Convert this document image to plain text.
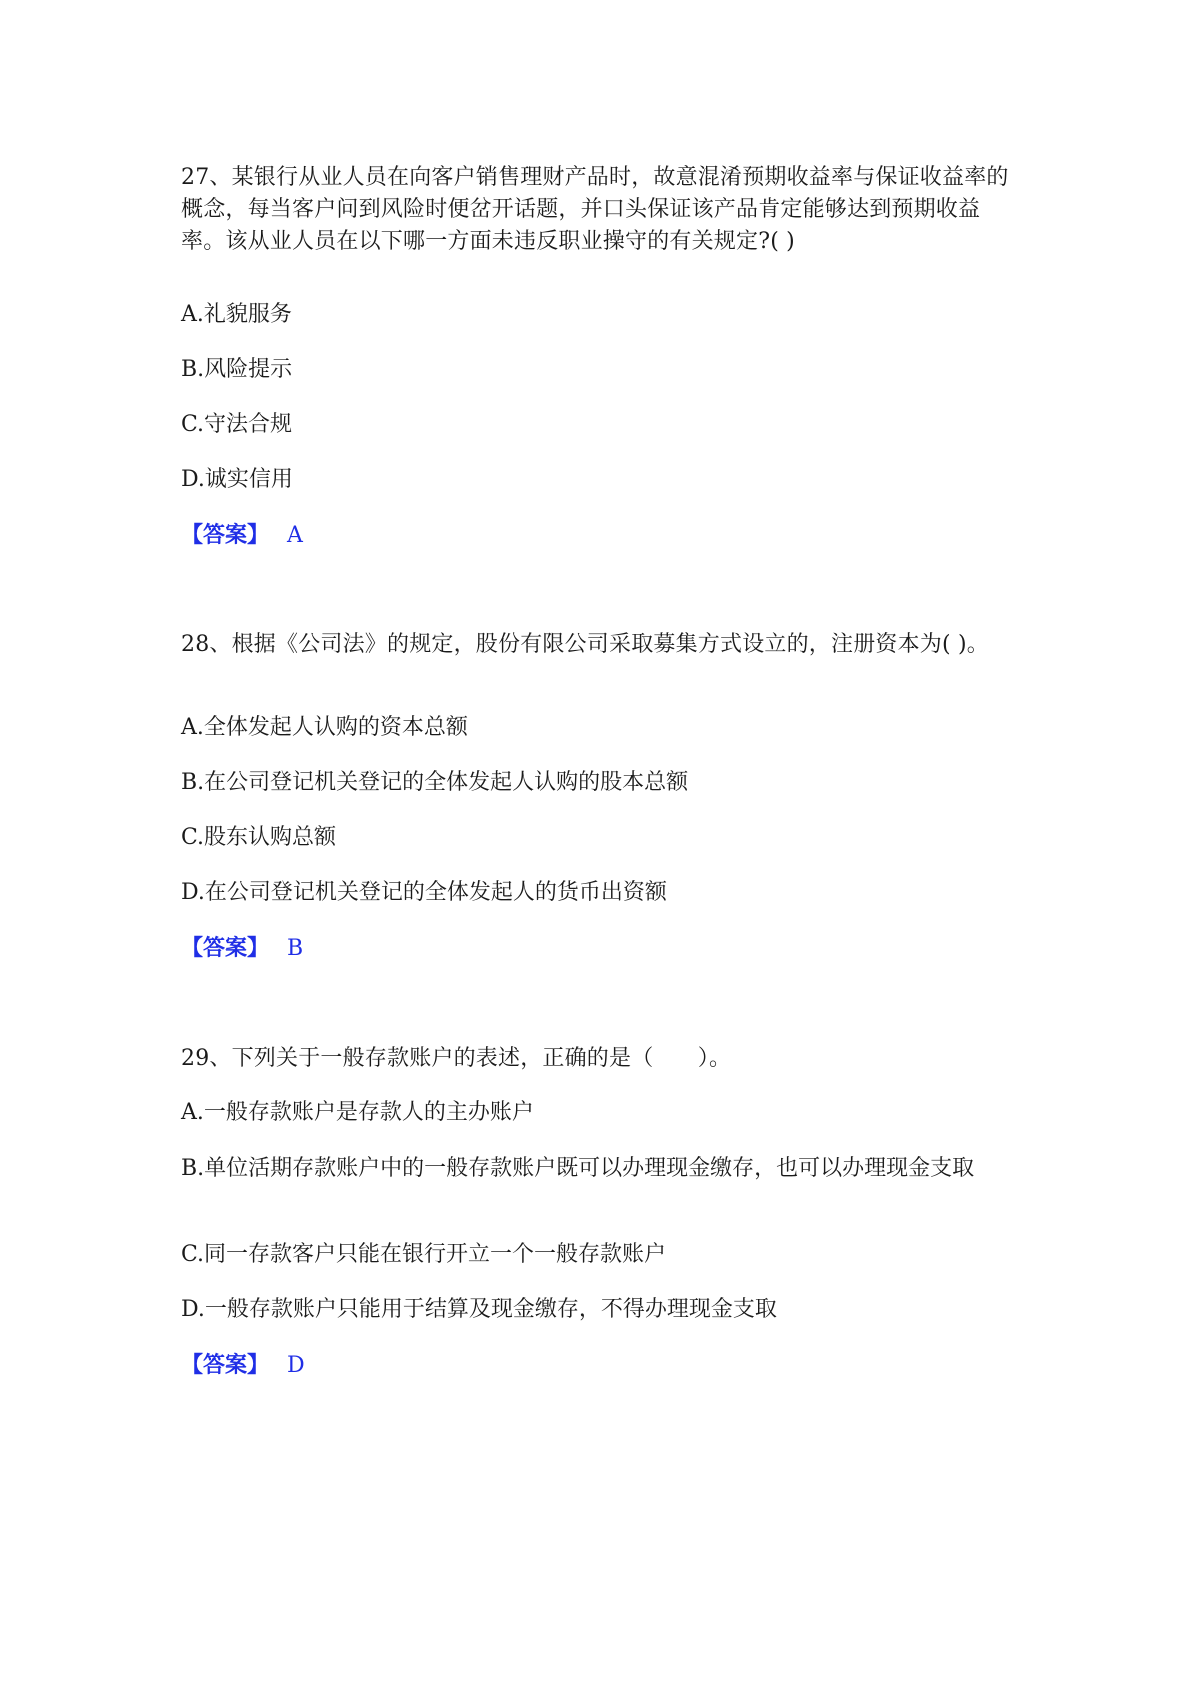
27、某银行从业人员在向客户销售理财产品时，故意混淆预期收益率与保证收益率的概念，每当客户问到风险时便岔开话题，并口头保证该产品肯定能够达到预期收益率。该从业人员在以下哪一方面未违反职业操守的有关规定?( )

A.礼貌服务

B.风险提示

C.守法合规

D.诚实信用

【答案】 A

28、根据《公司法》的规定，股份有限公司采取募集方式设立的，注册资本为( )。

A.全体发起人认购的资本总额

B.在公司登记机关登记的全体发起人认购的股本总额

C.股东认购总额

D.在公司登记机关登记的全体发起人的货币出资额

【答案】 B

29、下列关于一般存款账户的表述，正确的是（　　）。

A.一般存款账户是存款人的主办账户

B.单位活期存款账户中的一般存款账户既可以办理现金缴存，也可以办理现金支取

C.同一存款客户只能在银行开立一个一般存款账户

D.一般存款账户只能用于结算及现金缴存，不得办理现金支取

【答案】 D
